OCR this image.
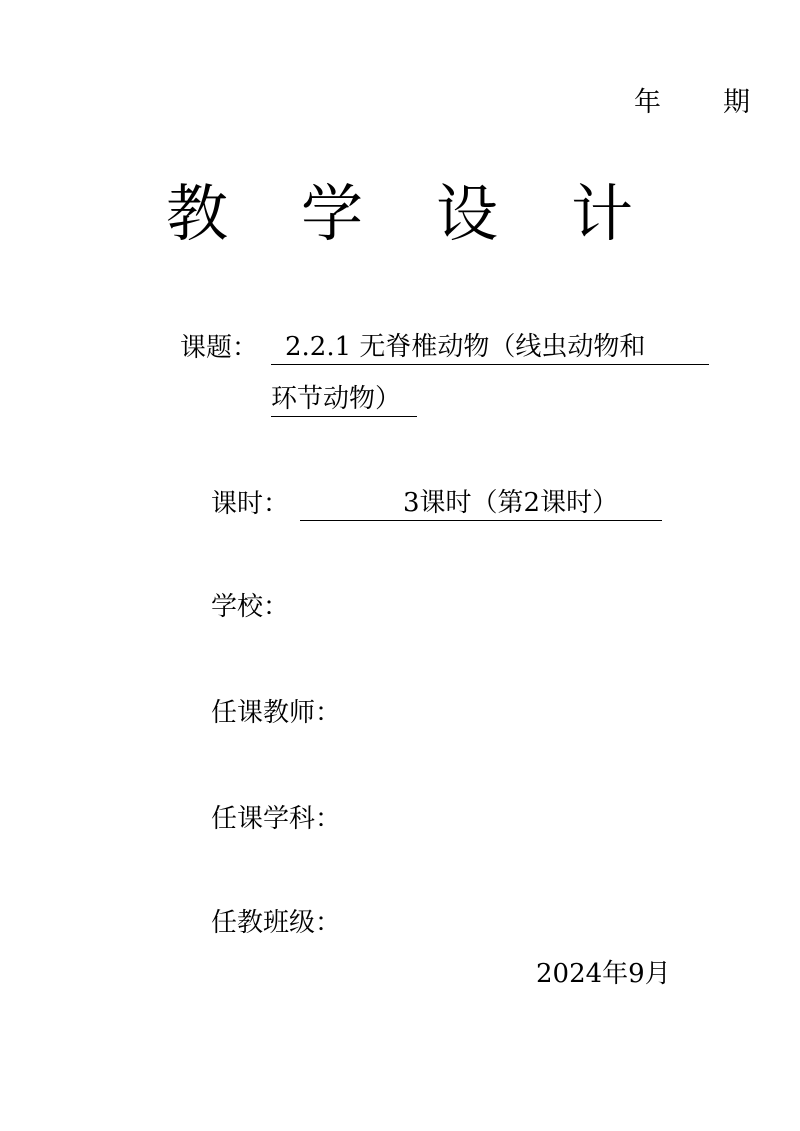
年 期
教 学 设 计
课题：	2.2.1 无脊椎动物（线虫动物和
环节动物）
课时：	3课时（第2课时）
学校：
任课教师：
任课学科：
任教班级：
2024年9月
